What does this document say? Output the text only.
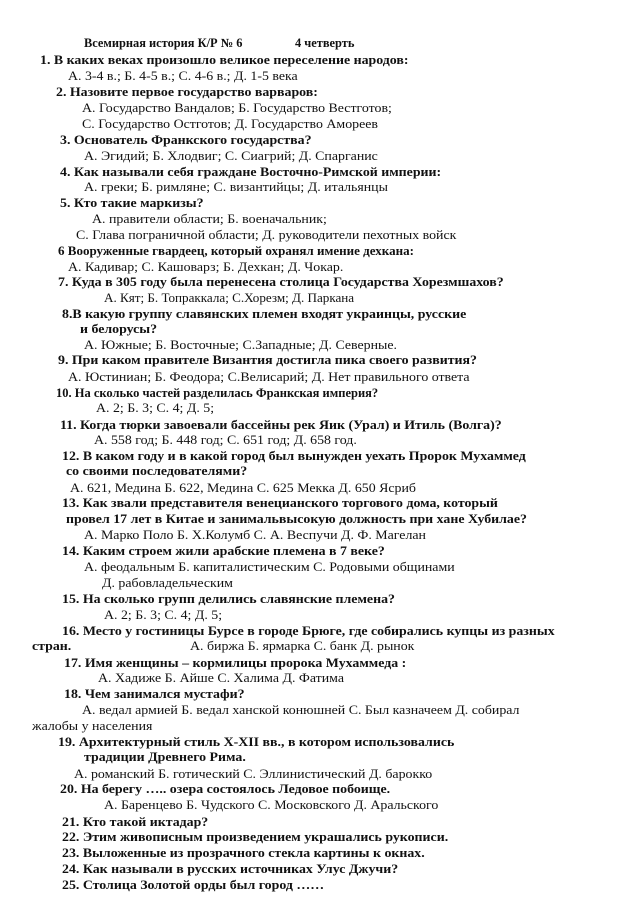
Всемирная история К/Р № 6	4 четверть
1. В каких веках произошло великое переселение народов:
А. 3-4 в.; Б. 4-5 в.; С. 4-6 в.; Д. 1-5 века
2. Назовите первое государство варваров:
А. Государство Вандалов; Б. Государство Вестготов;
С. Государство Остготов; Д. Государство Амореев
3. Основатель Франкского государства?
А. Эгидий; Б. Хлодвиг; С. Сиагрий; Д. Спарганис
4. Как называли себя граждане Восточно-Римской империи:
А. греки; Б. римляне; С. византийцы; Д. итальянцы
5. Кто такие маркизы?
А. правители области; Б. военачальник;
С. Глава пограничной области; Д. руководители пехотных войск
6 Вооруженные гвардеец, который охранял имение дехкана:
А. Кадивар; С. Кашоварз; Б. Дехкан; Д. Чокар.
7. Куда в 305 году была перенесена столица Государства Хорезмшахов?
А. Кят; Б. Топраккала; С.Хорезм; Д. Паркана
8.В какую группу славянских племен входят украинцы, русские
и белорусы?
А. Южные; Б. Восточные; С.Западные; Д. Северные.
9. При каком правителе Византия достигла пика своего развития?
А. Юстиниан; Б. Феодора; С.Велисарий; Д. Нет правильного ответа
10. На сколько частей разделилась Франкская империя?
А. 2; Б. 3; С. 4; Д. 5;
11. Когда тюрки завоевали бассейны рек Яик (Урал) и Итиль (Волга)?
А. 558 год; Б. 448 год; С. 651 год; Д. 658 год.
12. В каком году и в какой город был вынужден уехать Пророк Мухаммед
со своими последователями?
А. 621, Медина Б. 622, Медина С. 625 Мекка Д. 650 Ясриб
13. Как звали представителя венецианского торгового дома, который
провел 17 лет в Китае и занимальвысокую должность при хане Хубилае?
А. Марко Поло Б. Х.Колумб С. А. Веспучи Д. Ф. Магелан
14. Каким строем жили арабские племена в 7 веке?
А. феодальным Б. капиталистическим С. Родовыми общинами
Д. рабовладельческим
15. На сколько групп делились славянские племена?
А. 2; Б. 3; С. 4; Д. 5;
16. Место у гостиницы Бурсе в городе Брюге, где собирались купцы из разных
стран.	А. биржа Б. ярмарка С. банк Д. рынок
17. Имя женщины – кормилицы пророка Мухаммеда :
А. Хадиже Б. Айше С. Халима Д. Фатима
18. Чем занимался мустафи?
А. ведал армией Б. ведал ханской конюшней С. Был казначеем Д. собирал
жалобы у населения
19. Архитектурный стиль X-XII вв., в котором использовались
традиции Древнего Рима.
А. романский Б. готический С. Эллинистический Д. барокко
20. На берегу ….. озера состоялось Ледовое побоище.
А. Баренцево Б. Чудского С. Московского Д. Аральского
21. Кто такой иктадар?
22. Этим живописным произведением украшались рукописи.
23. Выложенные из прозрачного стекла картины к окнах.
24. Как называли в русских источниках Улус Джучи?
25. Столица Золотой орды был город ……
